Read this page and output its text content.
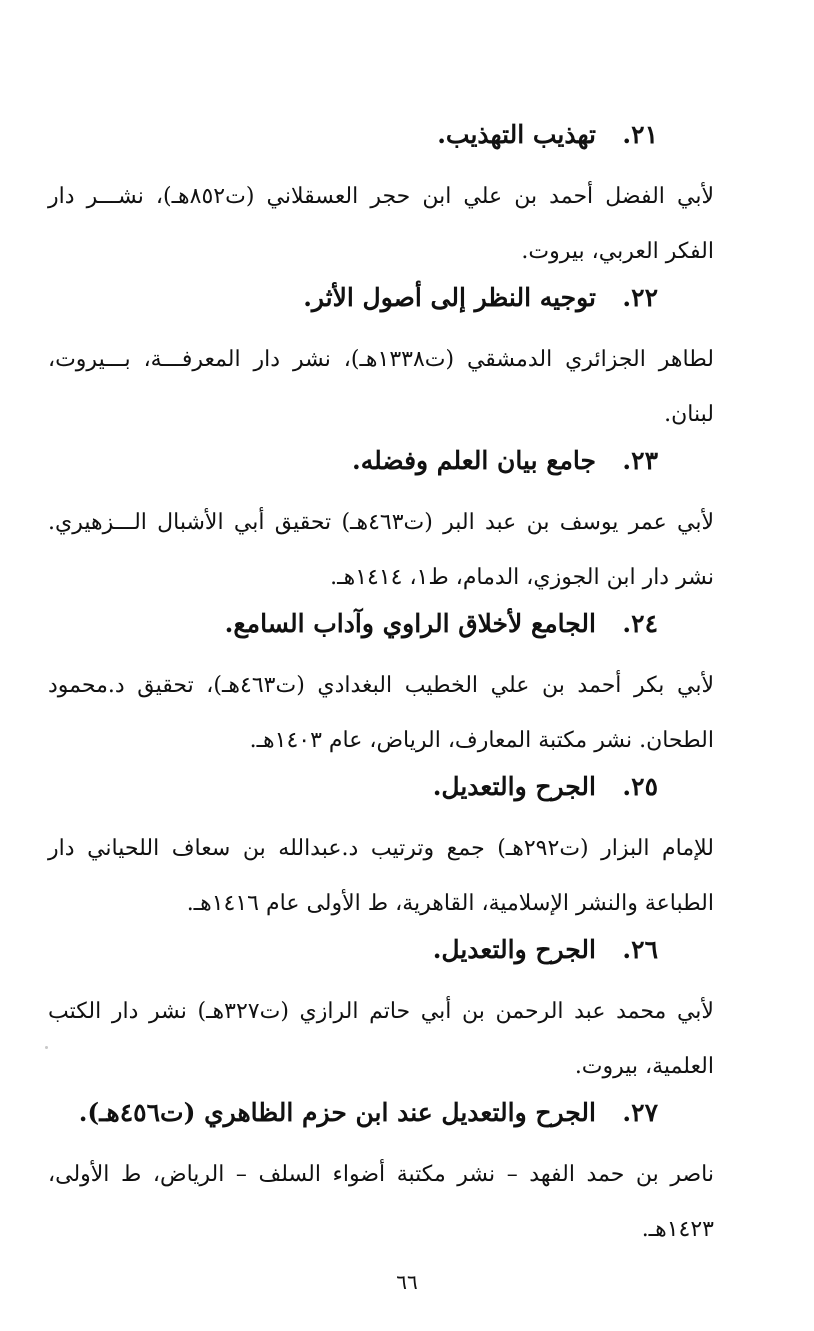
٢١.تهذيب التهذيب.

لأبي الفضل أحمد بن علي ابن حجر العسقلاني (ت٨٥٢هـ)، نشـــر دار الفكر العربي، بيروت.

٢٢.توجيه النظر إلى أصول الأثر.

لطاهر الجزائري الدمشقي (ت١٣٣٨هـ)، نشر دار المعرفـــة، بـــيروت، لبنان.

٢٣.جامع بيان العلم وفضله.

لأبي عمر يوسف بن عبد البر (ت٤٦٣هـ) تحقيق أبي الأشبال الـــزهيري. نشر دار ابن الجوزي، الدمام، ط١، ١٤١٤هـ.

٢٤.الجامع لأخلاق الراوي وآداب السامع.

لأبي بكر أحمد بن علي الخطيب البغدادي (ت٤٦٣هـ)، تحقيق د.محمود الطحان. نشر مكتبة المعارف، الرياض، عام ١٤٠٣هـ.

٢٥.الجرح والتعديل.

للإمام البزار (ت٢٩٢هـ) جمع وترتيب د.عبدالله بن سعاف اللحياني دار الطباعة والنشر الإسلامية، القاهرية، ط الأولى عام ١٤١٦هـ.

٢٦.الجرح والتعديل.

لأبي محمد عبد الرحمن بن أبي حاتم الرازي (ت٣٢٧هـ) نشر دار الكتب العلمية، بيروت.

٢٧.الجرح والتعديل عند ابن حزم الظاهري (ت٤٥٦هـ).

ناصر بن حمد الفهد – نشر مكتبة أضواء السلف – الرياض، ط الأولى، ١٤٢٣هـ.

٦٦
